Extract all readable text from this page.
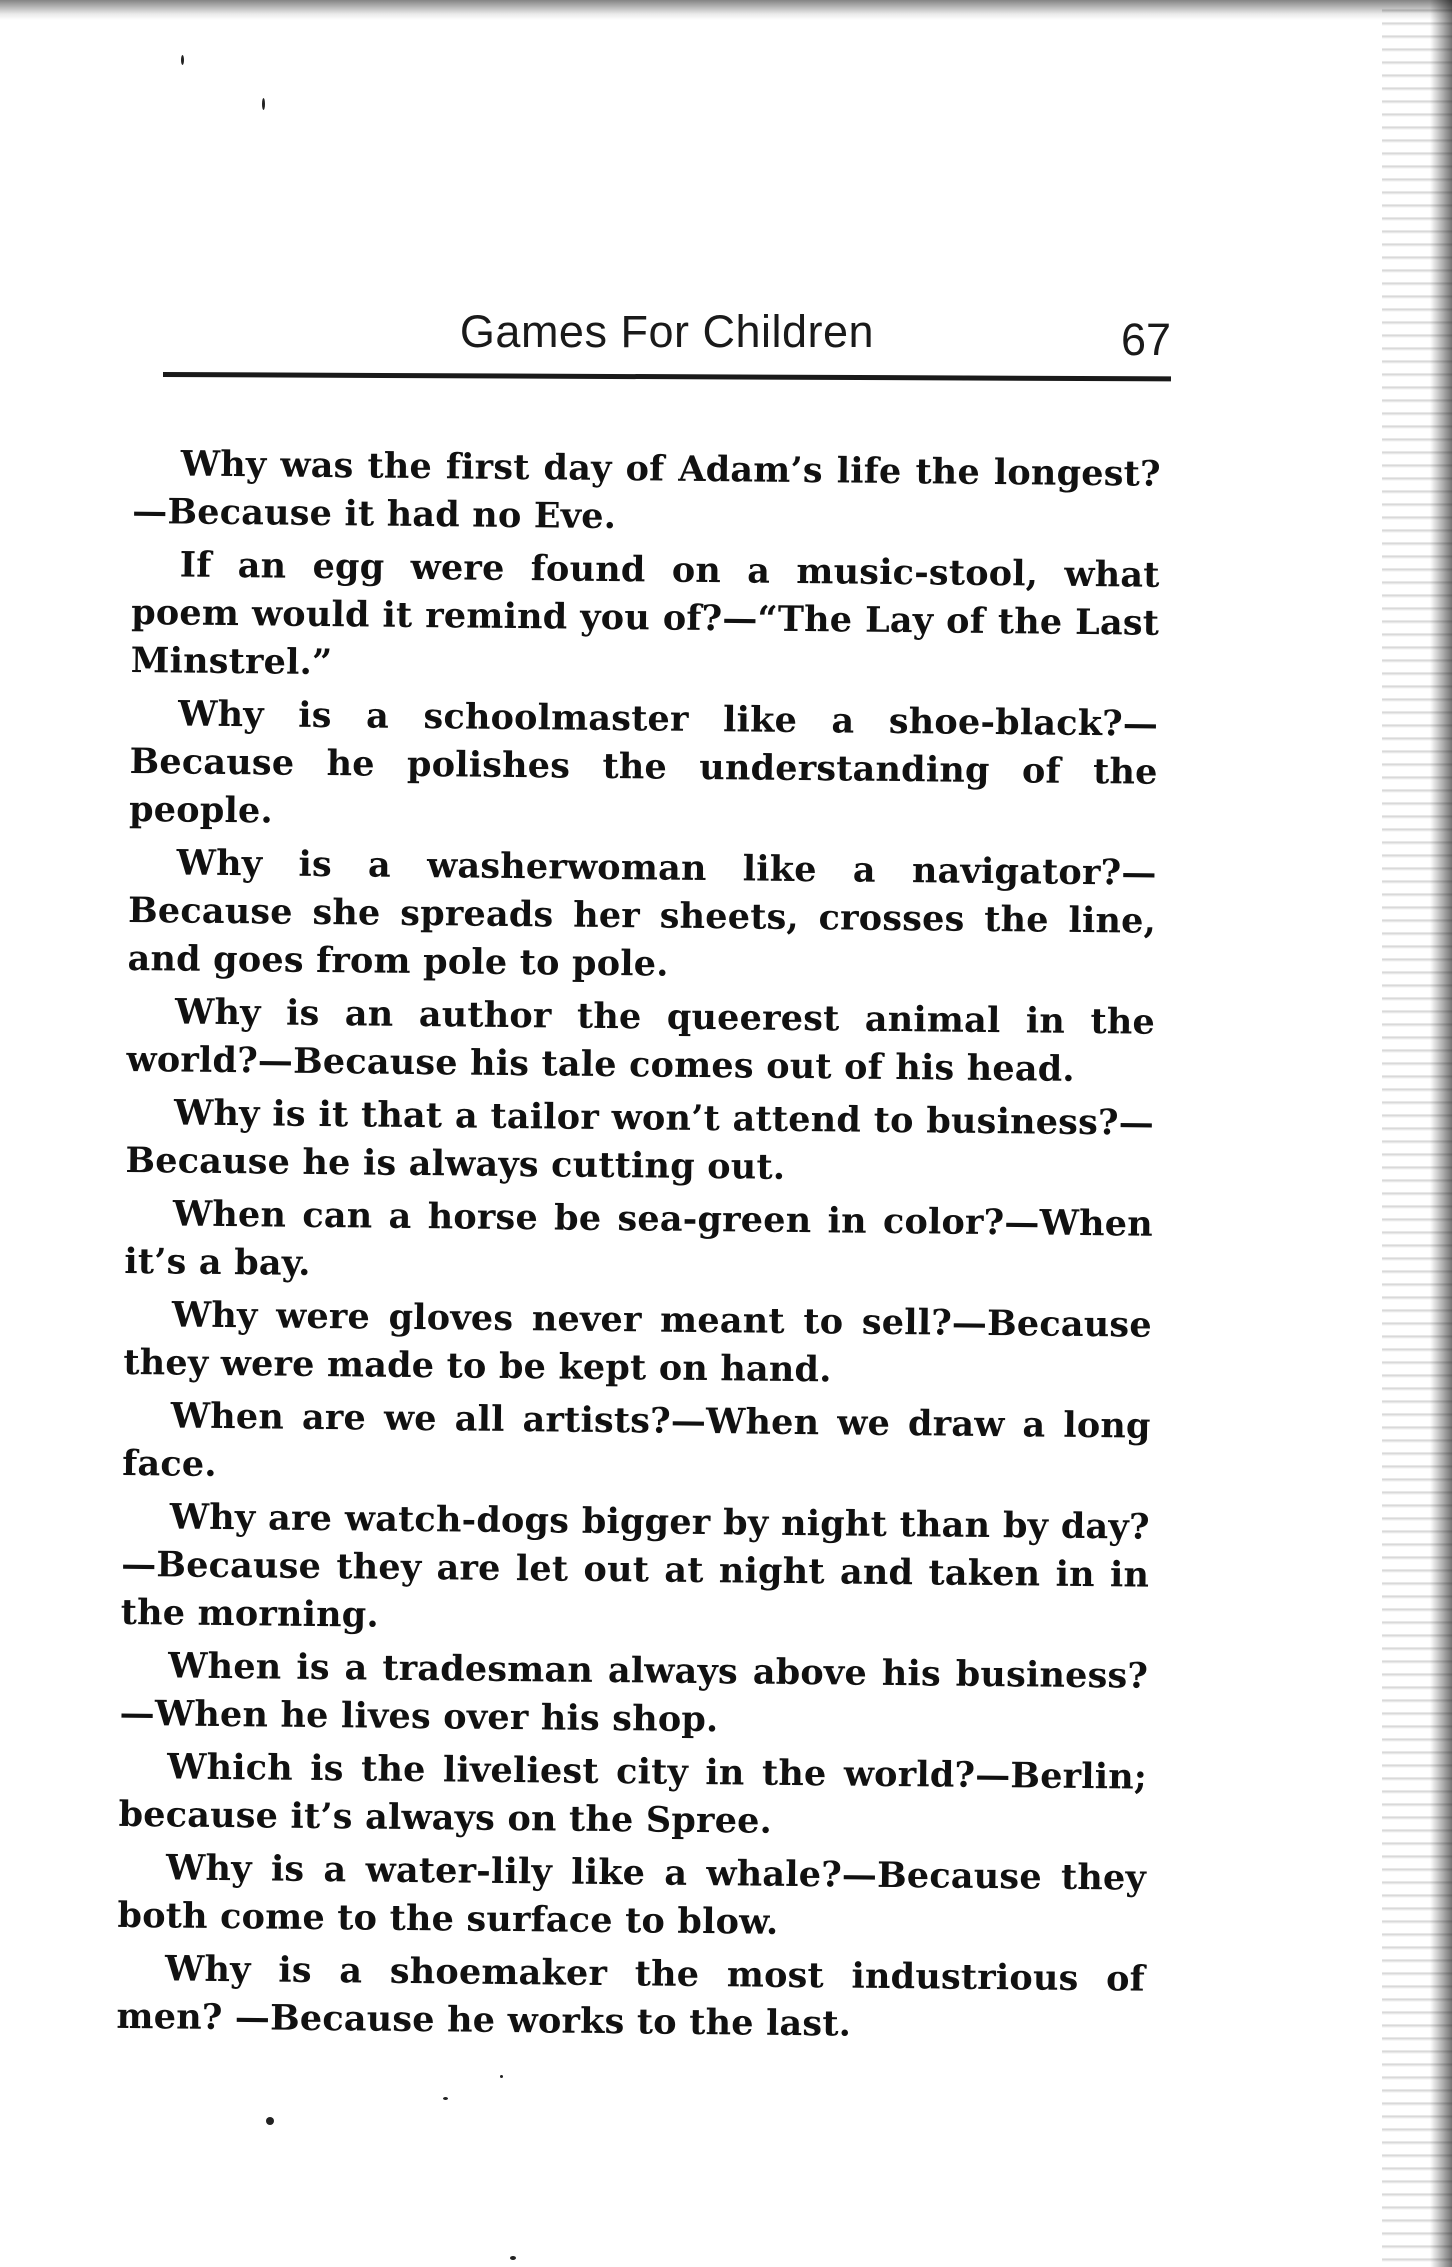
Games For Children	67

Why was the first day of Adam’s life the longest? —Because it had no Eve.

If an egg were found on a music-stool, what poem would it remind you of?—“The Lay of the Last Minstrel.”

Why is a schoolmaster like a shoe-black?—Because he polishes the understanding of the people.

Why is a washerwoman like a navigator?—Because she spreads her sheets, crosses the line, and goes from pole to pole.

Why is an author the queerest animal in the world?—Because his tale comes out of his head.

Why is it that a tailor won’t attend to business?—Because he is always cutting out.

When can a horse be sea-green in color?—When it’s a bay.

Why were gloves never meant to sell?—Because they were made to be kept on hand.

When are we all artists?—When we draw a long face.

Why are watch-dogs bigger by night than by day? —Because they are let out at night and taken in in the morning.

When is a tradesman always above his business? —When he lives over his shop.

Which is the liveliest city in the world?—Berlin; because it’s always on the Spree.

Why is a water-lily like a whale?—Because they both come to the surface to blow.

Why is a shoemaker the most industrious of men? —Because he works to the last.
